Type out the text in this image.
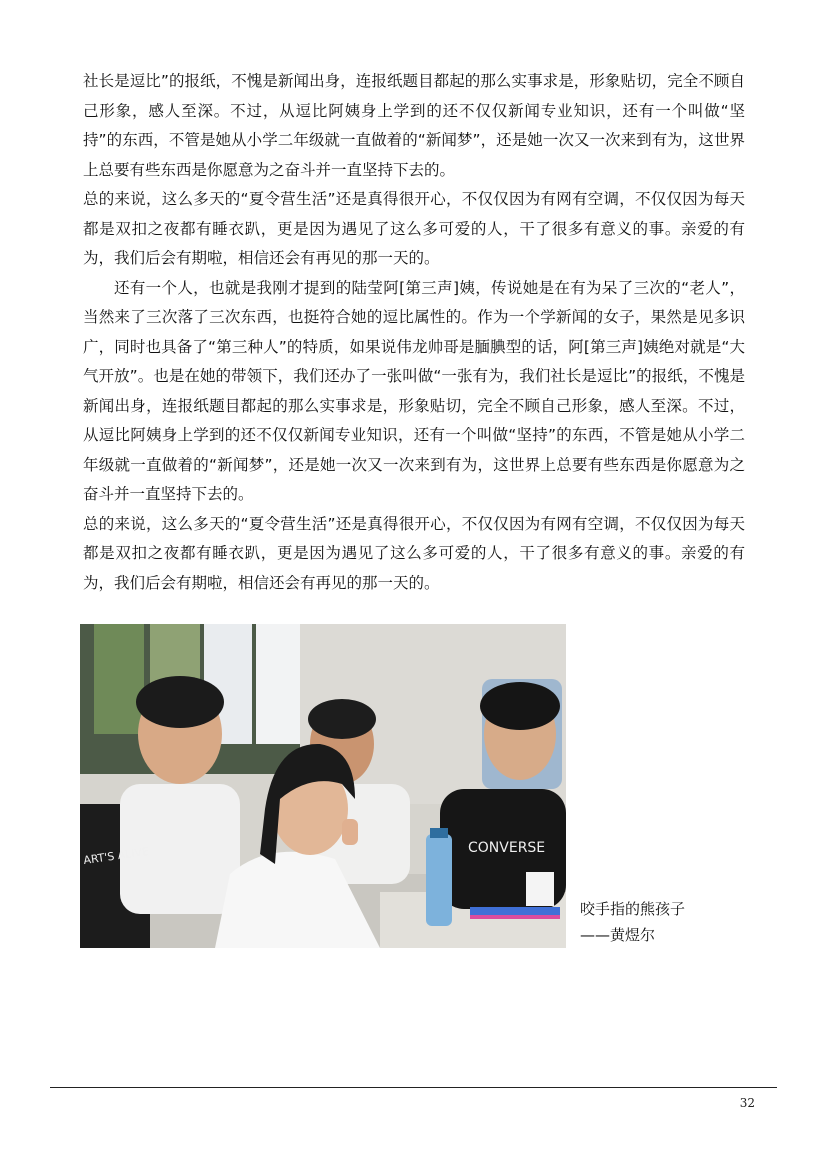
社长是逗比”的报纸，不愧是新闻出身，连报纸题目都起的那么实事求是，形象贴切，完全不顾自己形象，感人至深。不过，从逗比阿姨身上学到的还不仅仅新闻专业知识，还有一个叫做“坚持”的东西，不管是她从小学二年级就一直做着的“新闻梦”，还是她一次又一次来到有为，这世界上总要有些东西是你愿意为之奋斗并一直坚持下去的。

总的来说，这么多天的“夏令营生活”还是真得很开心，不仅仅因为有网有空调，不仅仅因为每天都是双扣之夜都有睡衣趴，更是因为遇见了这么多可爱的人，干了很多有意义的事。亲爱的有为，我们后会有期啦，相信还会有再见的那一天的。

还有一个人，也就是我刚才提到的陆莹阿[第三声]姨，传说她是在有为呆了三次的“老人”，当然来了三次落了三次东西，也挺符合她的逗比属性的。作为一个学新闻的女子，果然是见多识广，同时也具备了“第三种人”的特质，如果说伟龙帅哥是腼腆型的话，阿[第三声]姨绝对就是“大气开放”。也是在她的带领下，我们还办了一张叫做“一张有为，我们社长是逗比”的报纸，不愧是新闻出身，连报纸题目都起的那么实事求是，形象贴切，完全不顾自己形象，感人至深。不过，从逗比阿姨身上学到的还不仅仅新闻专业知识，还有一个叫做“坚持”的东西，不管是她从小学二年级就一直做着的“新闻梦”，还是她一次又一次来到有为，这世界上总要有些东西是你愿意为之奋斗并一直坚持下去的。

总的来说，这么多天的“夏令营生活”还是真得很开心，不仅仅因为有网有空调，不仅仅因为每天都是双扣之夜都有睡衣趴，更是因为遇见了这么多可爱的人，干了很多有意义的事。亲爱的有为，我们后会有期啦，相信还会有再见的那一天的。

CONVERSE
ART'S ALIVE
咬手指的熊孩子
——黄煜尔
32
